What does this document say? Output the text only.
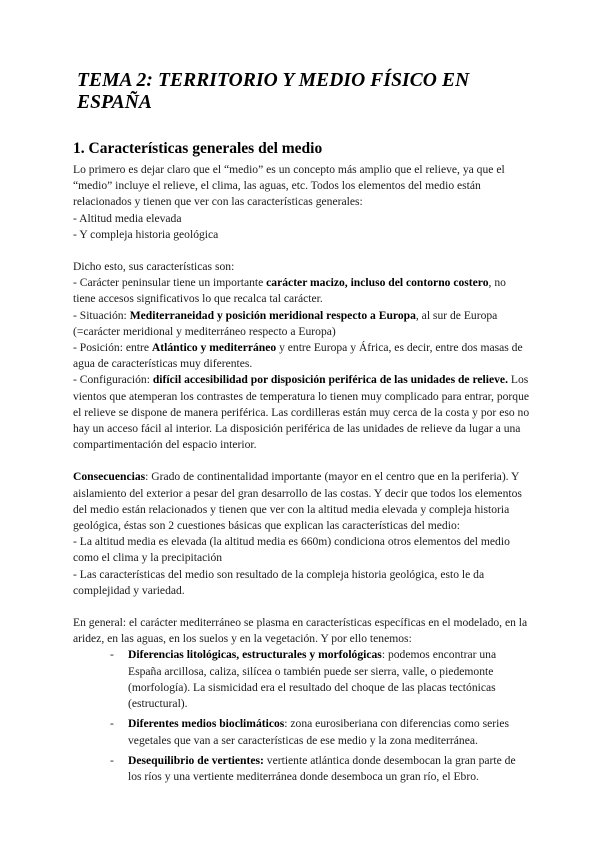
TEMA 2: TERRITORIO Y MEDIO FÍSICO EN ESPAÑA
1. Características generales del medio

Lo primero es dejar claro que el “medio” es un concepto más amplio que el relieve, ya que el “medio” incluye el relieve, el clima, las aguas, etc. Todos los elementos del medio están relacionados y tienen que ver con las características generales:

- Altitud media elevada

- Y compleja historia geológica

Dicho esto, sus características son:

- Carácter peninsular tiene un importante carácter macizo, incluso del contorno costero, no tiene accesos significativos lo que recalca tal carácter.

- Situación: Mediterraneidad y posición meridional respecto a Europa, al sur de Europa (=carácter meridional y mediterráneo respecto a Europa)

- Posición: entre Atlántico y mediterráneo y entre Europa y África, es decir, entre dos masas de agua de características muy diferentes.

- Configuración: difícil accesibilidad por disposición periférica de las unidades de relieve. Los vientos que atemperan los contrastes de temperatura lo tienen muy complicado para entrar, porque el relieve se dispone de manera periférica. Las cordilleras están muy cerca de la costa y por eso no hay un acceso fácil al interior. La disposición periférica de las unidades de relieve da lugar a una compartimentación del espacio interior.

Consecuencias: Grado de continentalidad importante (mayor en el centro que en la periferia). Y aislamiento del exterior a pesar del gran desarrollo de las costas. Y decir que todos los elementos del medio están relacionados y tienen que ver con la altitud media elevada y compleja historia geológica, éstas son 2 cuestiones básicas que explican las características del medio:

- La altitud media es elevada (la altitud media es 660m) condiciona otros elementos del medio como el clima y la precipitación

- Las características del medio son resultado de la compleja historia geológica, esto le da complejidad y variedad.

En general: el carácter mediterráneo se plasma en características específicas en el modelado, en la aridez, en las aguas, en los suelos y en la vegetación. Y por ello tenemos:

- Diferencias litológicas, estructurales y morfológicas: podemos encontrar una España arcillosa, caliza, silícea o también puede ser sierra, valle, o piedemonte (morfología). La sismicidad era el resultado del choque de las placas tectónicas (estructural).
- Diferentes medios bioclimáticos: zona eurosiberiana con diferencias como series vegetales que van a ser características de ese medio y la zona mediterránea.
- Desequilibrio de vertientes: vertiente atlántica donde desembocan la gran parte de los ríos y una vertiente mediterránea donde desemboca un gran río, el Ebro.
